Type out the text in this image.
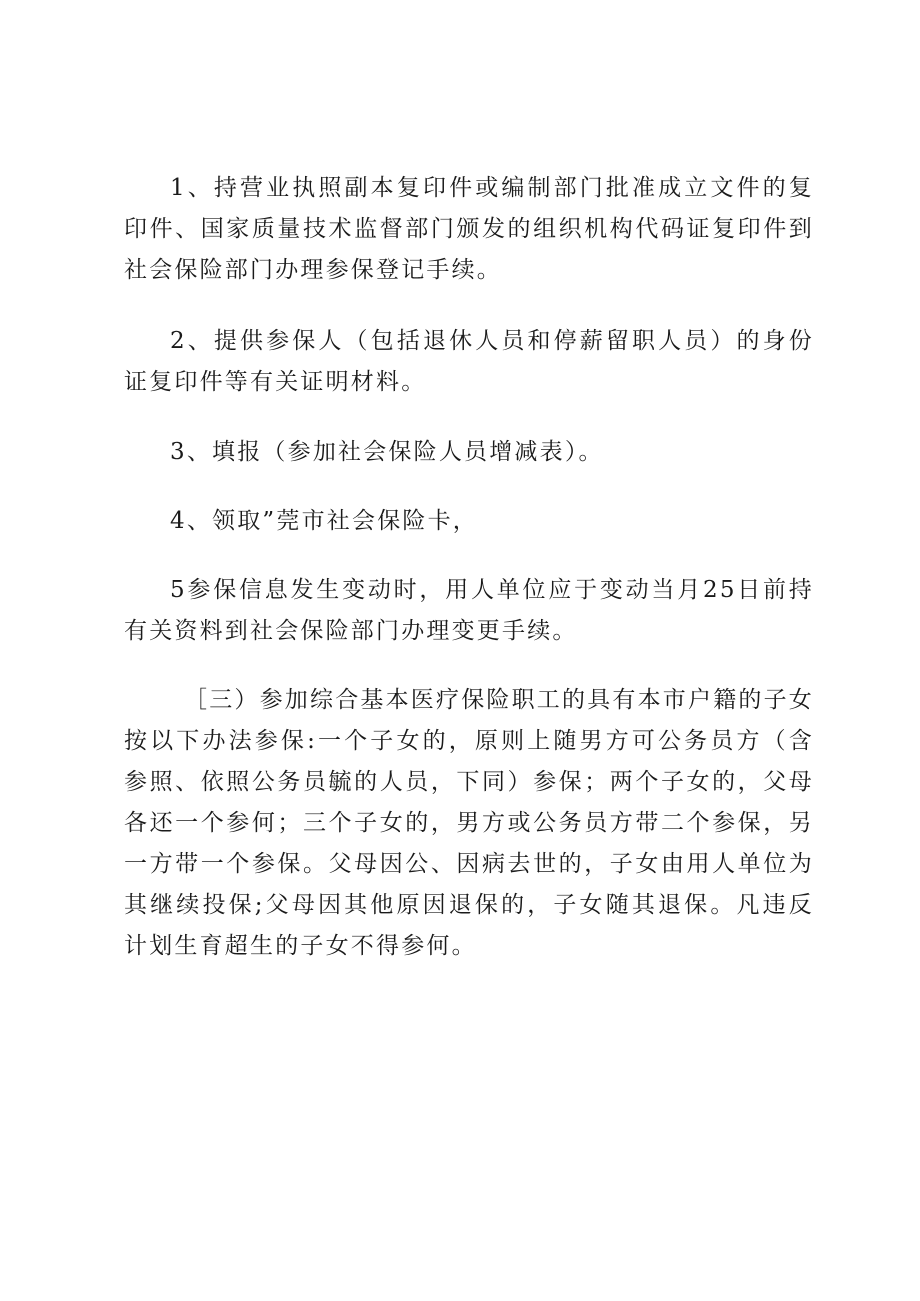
1、持营业执照副本复印件或编制部门批准成立文件的复印件、国家质量技术监督部门颁发的组织机构代码证复印件到社会保险部门办理参保登记手续。

2、提供参保人（包括退休人员和停薪留职人员）的身份证复印件等有关证明材料。

3、填报（参加社会保险人员增减表）。

4、领取”莞市社会保险卡，

5参保信息发生变动时，用人单位应于变动当月25日前持有关资料到社会保险部门办理变更手续。

［三）参加综合基本医疗保险职工的具有本市户籍的子女按以下办法参保:一个子女的，原则上随男方可公务员方（含参照、依照公务员毓的人员，下同）参保；两个子女的，父母各还一个参何；三个子女的，男方或公务员方带二个参保，另一方带一个参保。父母因公、因病去世的，子女由用人单位为其继续投保;父母因其他原因退保的，子女随其退保。凡违反计划生育超生的子女不得参何。
